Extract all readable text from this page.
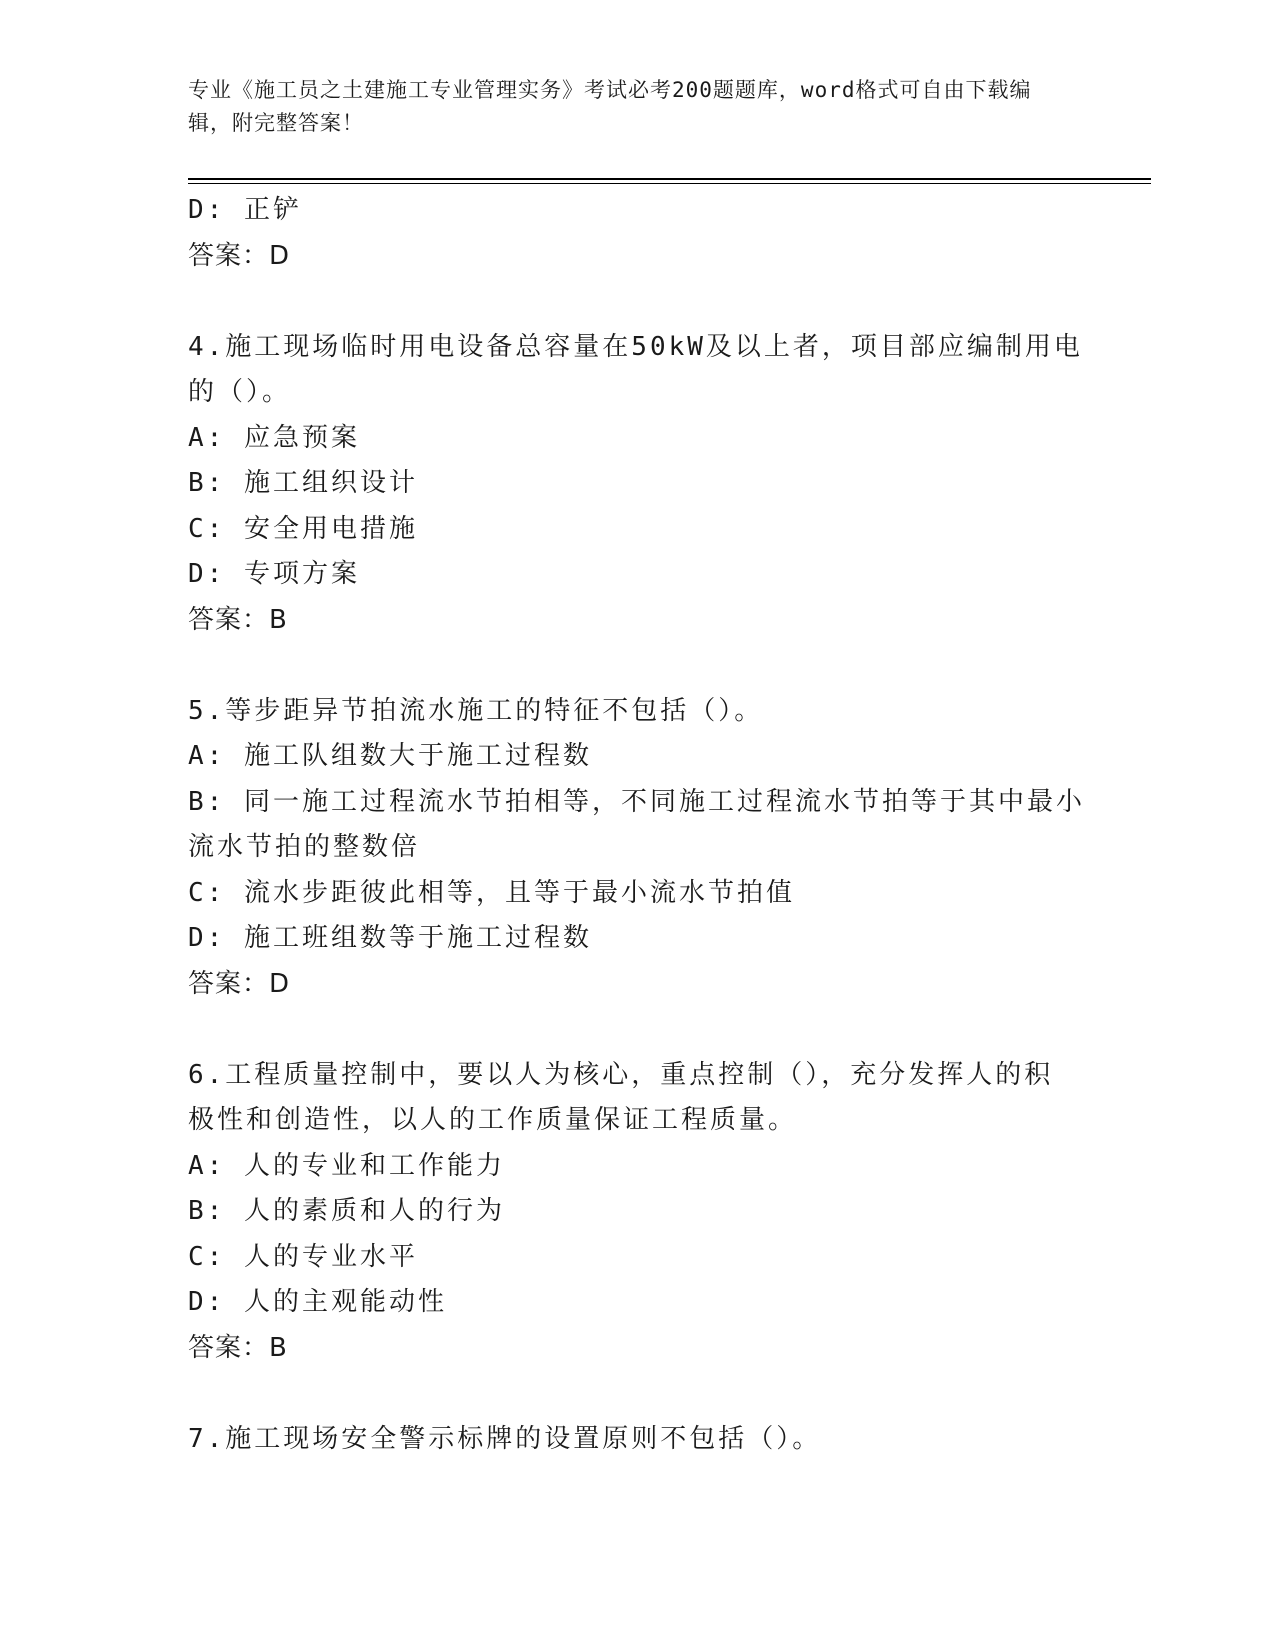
专业《施工员之土建施工专业管理实务》考试必考200题题库，word格式可自由下载编辑，附完整答案！
D: 正铲
答案：D
4.施工现场临时用电设备总容量在50kW及以上者，项目部应编制用电
的（）。
A: 应急预案
B: 施工组织设计
C: 安全用电措施
D: 专项方案
答案：B
5.等步距异节拍流水施工的特征不包括（）。
A: 施工队组数大于施工过程数
B: 同一施工过程流水节拍相等，不同施工过程流水节拍等于其中最小
流水节拍的整数倍
C: 流水步距彼此相等，且等于最小流水节拍值
D: 施工班组数等于施工过程数
答案：D
6.工程质量控制中，要以人为核心，重点控制（），充分发挥人的积
极性和创造性，以人的工作质量保证工程质量。
A: 人的专业和工作能力
B: 人的素质和人的行为
C: 人的专业水平
D: 人的主观能动性
答案：B
7.施工现场安全警示标牌的设置原则不包括（）。
